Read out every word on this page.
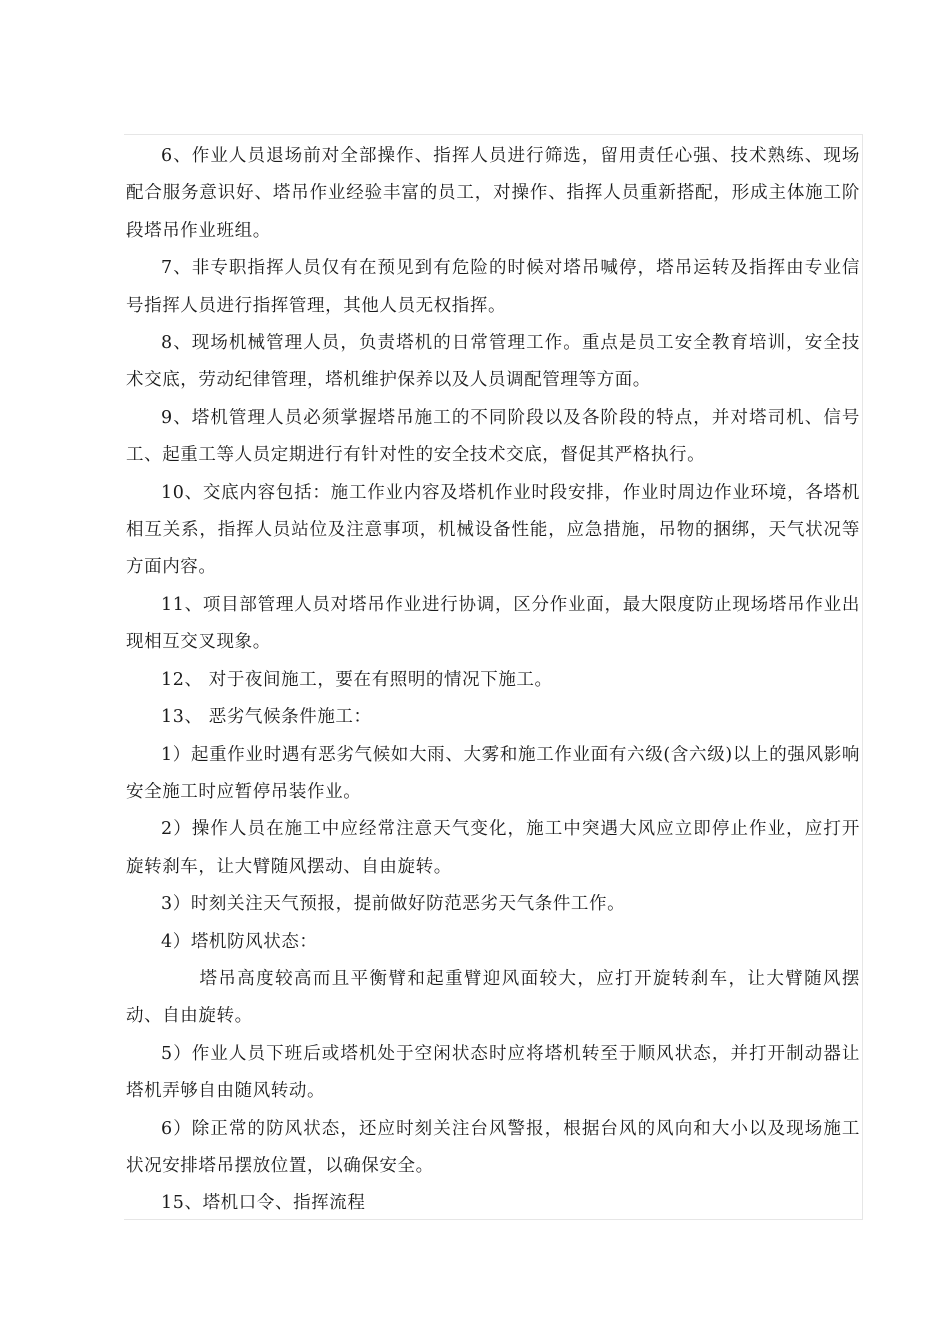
6、作业人员退场前对全部操作、指挥人员进行筛选，留用责任心强、技术熟练、现场配合服务意识好、塔吊作业经验丰富的员工，对操作、指挥人员重新搭配，形成主体施工阶段塔吊作业班组。

7、非专职指挥人员仅有在预见到有危险的时候对塔吊喊停，塔吊运转及指挥由专业信号指挥人员进行指挥管理，其他人员无权指挥。

8、现场机械管理人员，负责塔机的日常管理工作。重点是员工安全教育培训，安全技术交底，劳动纪律管理，塔机维护保养以及人员调配管理等方面。

9、塔机管理人员必须掌握塔吊施工的不同阶段以及各阶段的特点，并对塔司机、信号工、起重工等人员定期进行有针对性的安全技术交底，督促其严格执行。

10、交底内容包括：施工作业内容及塔机作业时段安排，作业时周边作业环境，各塔机相互关系，指挥人员站位及注意事项，机械设备性能，应急措施，吊物的捆绑，天气状况等方面内容。

11、项目部管理人员对塔吊作业进行协调，区分作业面，最大限度防止现场塔吊作业出现相互交叉现象。

12、 对于夜间施工，要在有照明的情况下施工。

13、 恶劣气候条件施工：

1）起重作业时遇有恶劣气候如大雨、大雾和施工作业面有六级(含六级)以上的强风影响安全施工时应暂停吊装作业。

2）操作人员在施工中应经常注意天气变化，施工中突遇大风应立即停止作业，应打开旋转刹车，让大臂随风摆动、自由旋转。

3）时刻关注天气预报，提前做好防范恶劣天气条件工作。

4）塔机防风状态：

塔吊高度较高而且平衡臂和起重臂迎风面较大，应打开旋转刹车，让大臂随风摆动、自由旋转。

5）作业人员下班后或塔机处于空闲状态时应将塔机转至于顺风状态，并打开制动器让塔机弄够自由随风转动。

6）除正常的防风状态，还应时刻关注台风警报，根据台风的风向和大小以及现场施工状况安排塔吊摆放位置，以确保安全。

15、塔机口令、指挥流程
